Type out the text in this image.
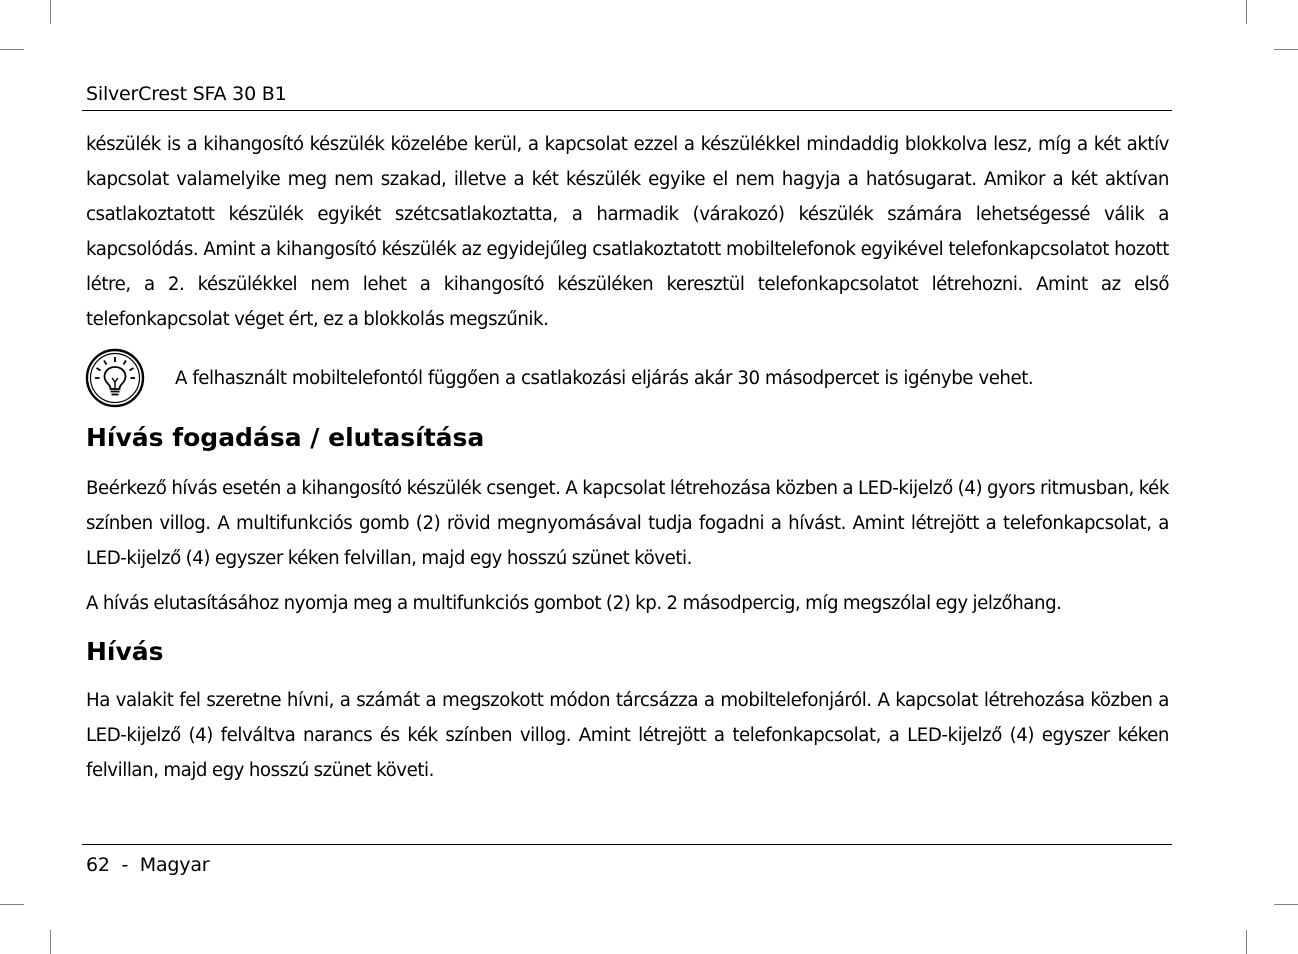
SilverCrest SFA 30 B1

készülék is a kihangosító készülék közelébe kerül, a kapcsolat ezzel a készülékkel mindaddig blokkolva lesz, míg a két aktív kapcsolat valamelyike meg nem szakad, illetve a két készülék egyike el nem hagyja a hatósugarat. Amikor a két aktívan csatlakoztatott készülék egyikét szétcsatlakoztatta, a harmadik (várakozó) készülék számára lehetségessé válik a kapcsolódás. Amint a kihangosító készülék az egyidejűleg csatlakoztatott mobiltelefonok egyikével telefonkapcsolatot hozott létre, a 2. készülékkel nem lehet a kihangosító készüléken keresztül telefonkapcsolatot létrehozni. Amint az első telefonkapcsolat véget ért, ez a blokkolás megszűnik.

A felhasznált mobiltelefontól függően a csatlakozási eljárás akár 30 másodpercet is igénybe vehet.
Hívás fogadása / elutasítása

Beérkező hívás esetén a kihangosító készülék csenget. A kapcsolat létrehozása közben a LED-kijelző (4) gyors ritmusban, kék színben villog. A multifunkciós gomb (2) rövid megnyomásával tudja fogadni a hívást. Amint létrejött a telefonkapcsolat, a LED-kijelző (4) egyszer kéken felvillan, majd egy hosszú szünet követi.

A hívás elutasításához nyomja meg a multifunkciós gombot (2) kp. 2 másodpercig, míg megszólal egy jelzőhang.

Hívás

Ha valakit fel szeretne hívni, a számát a megszokott módon tárcsázza a mobiltelefonjáról. A kapcsolat létrehozása közben a LED-kijelző (4) felváltva narancs és kék színben villog. Amint létrejött a telefonkapcsolat, a LED-kijelző (4) egyszer kéken felvillan, majd egy hosszú szünet követi.

62  -  Magyar
